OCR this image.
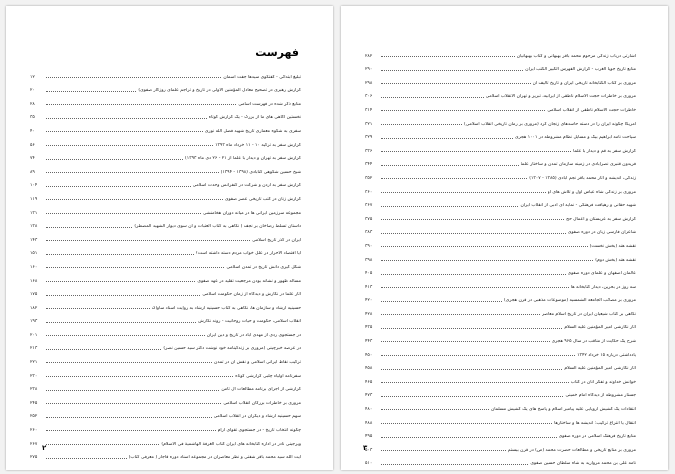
فهرست
تبلیغ ابتدائی - گفتگوی سیدها جفت آسمان
۱۲
گزارش رهبری در تصحیح معادل المؤمنین الاولی در تاریخ و تراجم علمای روزگار صفوی)
۲۰
منابع ذکر شده در فهرست اسامی
۲۸
نخستین آگاهی های ما از بزرگ - یک گزارش کوتاه
۳۵
سفری به شکوه معماری تاریخ شهید فضل الله نوری
۴۰
گزارش سفر به ترکیه ۱۰ - ۱۱ خرداد ماه ۱۳۹۳
۵۶
گزارش سفر به تهران و دیدار با علما از ۲۱ - ۲۶ دی ماه ۱۳۹۳)
۷۴
شیخ حسین شکوهی گنابادی (۱۳۹۸ - ۱۳۹۴)
۸۹
گزارش سفر به اردن و شرکت در کنفرانس وحدت اسلامی
۱۰۴
گزارش زنان در کتب تاریخی عصر صفوی
۱۱۹
مجموعه سرزمین ایرانی ها در میانه دوران هخامنشی
۱۳۱
داستان تسلط رضاخان بر نجف ( نگاهی به کتاب العتبات و آن سوی دیوار الشهید المضطر)
۱۳۸
ایران در گذر تاریخ اسلامی
۱۴۳
آیا اقتصاد الاحرار در علل خواب مردم دسته داشته است؟
۱۵۱
شکل گیری دانش تاریخ در تمدن اسلامی
۱۶۰
مسأله ظهور و نشانه بودن مرجعیت تقلید در عهد صفوی
۱۶۸
آثار علما در نگارش و دیدگاه از زمان حکومت اسلامی
۱۷۵
حسینیه ارشاد و سازمان ها، نگاهی به کتاب حسینیه ارشاد به روایت اسناد ساواک
۱۸۲
انقلاب اسلامی، حکومت و حیات روحانیت - روند نگارش
۱۹۳
در جستجوی ردی از مهدی آباد در تاریخ و دین ایران
۲۰۱
در عرصه خبرچینی (مروری بر زندگینامه خود نوشت دکتر سید حسین نصر)
۲۱۳
ترکیب نقاط ایرانی اسلامی و نقش آن در تمدن
۲۲۱
سفرنامه اولیاء چلبی گزارشی کوتاه
۲۳۰
گزارشی از اجرای برنامه مطالعات آل ثامن
۲۳۸
مروری بر خاطرات بزرگان انقلاب اسلامی
۲۴۵
سهم حسینیه ارشاد و دیگران در انقلاب اسلامی
۲۵۲
چگونه انتخاب تاریخ - در جستجوی تقوای آرام
۲۶۰
ویرجینی نادر در اداره کتابخانه های ایران کتاب الغرفة الهاشمیة فی الاسلام)
۲۶۷
آیت الله سید محمد باقر شفتی و نظر معاصران در مجموعه اسناد دوره قاجار ( معرفی کتاب)
۲۷۵
۲
اشارتی درباب زندگی مرحوم محمد باقر بهبهانی و کتاب بهبهانیان
۲۸۲
منابع تاریخ جویا الغرب - گزارش الفهرس الکبیر الکتب ایران
۲۹۰
مروری بر کتاب الکتابخانه تاریخی ایران و تاریخ تالیف آن
۲۹۸
مروری بر خاطرات حجت الاسلام ناطقی از ایرانیه، تبریز و تهران الانقلاب اسلامی
۳۰۶
خاطرات حجت الاسلام ناطقی از انقلاب اسلامی
۳۱۴
آمریکا چگونه ایران را در دسته حاسدهای زنجان کرد (مروری بر رمان تاریخی انقلاب اسلامی)
۳۲۱
سیاحت نامه ابراهیم بیگ و مسایل نظام مشروطه در ۱۰۰۱ هجری
۳۲۹
گزارش سفر به قم و دیدار با علما
۳۳۶
فریدون قنبری نصرآبادی در زمینه سازمان تمدن و ساختار علما
۳۴۴
زندگی، اندیشه و آثار محمد باقر نجم آبادی (۱۳۸۵ - ۱۳۰۷)
۳۵۲
مروری بر زندگی شاه عباس اول و تلاش های او
۳۶۰
شهید حقانی و رهیافت فرهنگی - نمایه ای ادبی از انقلاب ایران
۳۶۷
گزارش سفر به عربستان و اعمال حج
۳۷۵
شاعران فارسی زبان در دوره صفوی
۳۸۳
نقشه هند (بخش نخست)
۳۹۰
نقشه هند (بخش دوم)
۳۹۸
عالمان اصفهان و علمای دوره صفوی
۴۰۵
سه روز در بحرین، دیدار کتابخانه ها
۴۱۳
مروری بر مصائب الجامعه الشمسیه (موضوعات مذهبی در قرن هجری)
۴۲۰
نگاهی بر کتاب شیعیان ایران در تاریخ اسلام معاصر
۴۲۸
آثار نگارشی امیر المؤمنین علیه السلام
۴۳۵
شرح یک حکایت از مناقب در سال ۹۶۵ هجری
۴۴۳
یادداشتی درباره ۱۵ خرداد ۱۳۴۲
۴۵۰
آثار نگارشی امیر المؤمنین علیه السلام
۴۵۸
خوانش خداوند و تفکر آنان در کتاب
۴۶۵
جستار مشروطه از دیدگاه امام خمینی
۴۷۳
انتقادات یک کشیش اروپایی علیه پیامبر اسلام و پاسخ های یک کشیش مسلمان
۴۸۰
انتقال یا انتزاع ترکیب: اندیشه ها و ساختارها
۴۸۸
منابع تاریخ فرهنگ اسلامی در دوره صفوی
۴۹۵
مروری بر منابع تاریخی و مطالعات حضرت محمد (ص) در قرن بیستم
۵۰۳
نامه علی بن محمد مروارید به شاه سلطان حسین صفوی
۵۱۰
۳
